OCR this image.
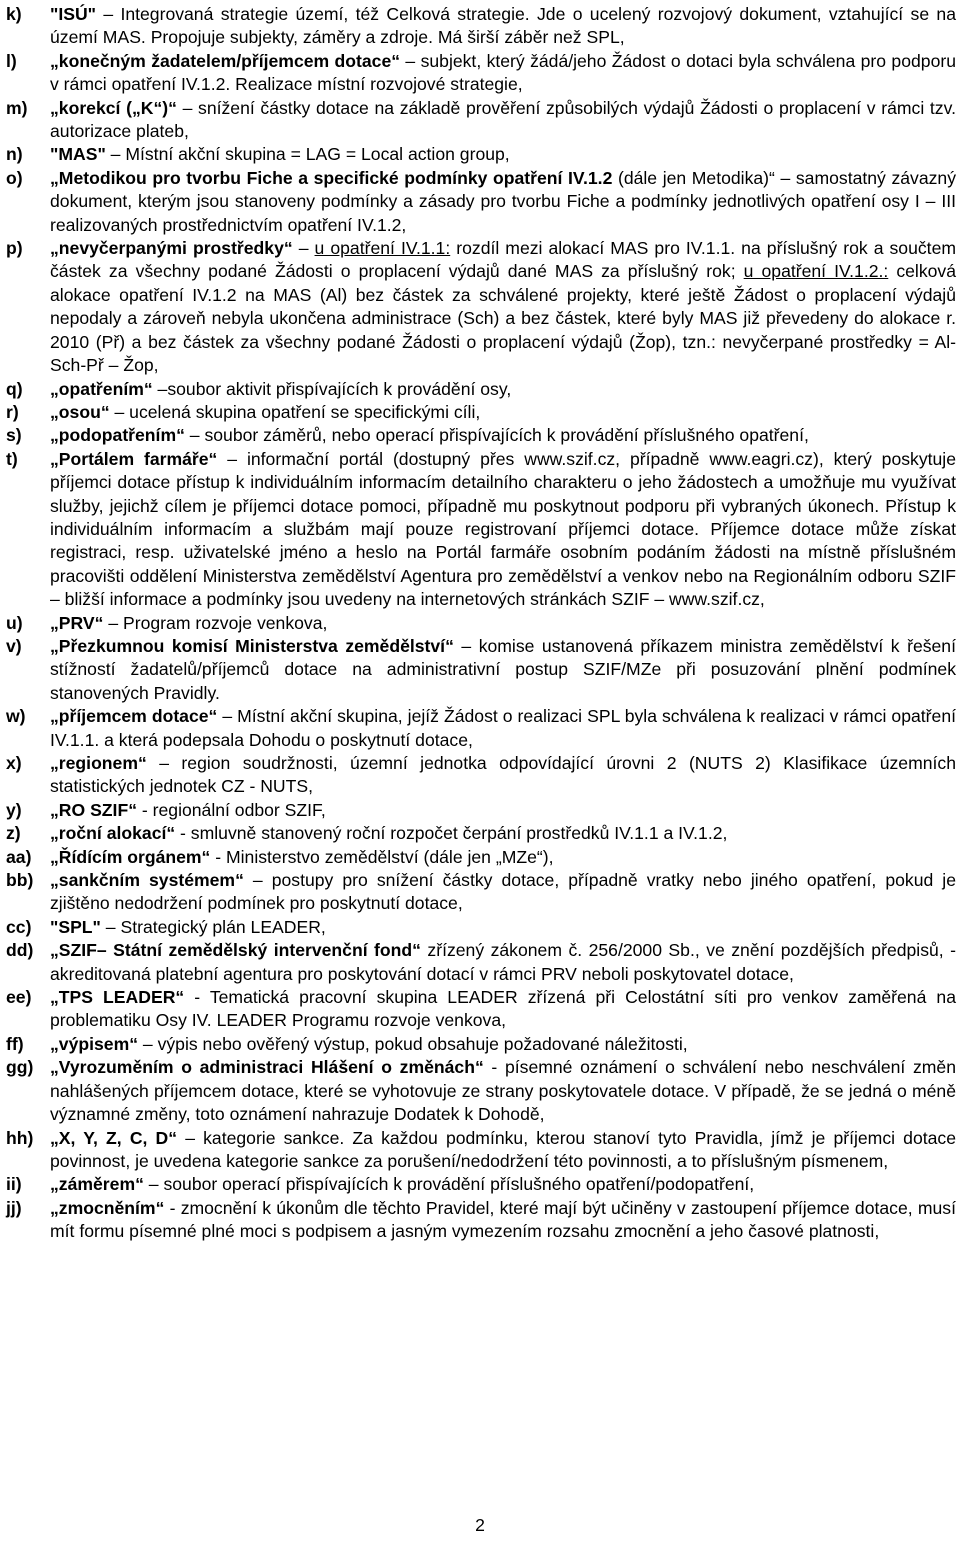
k)	"ISÚ" – Integrovaná strategie území, též Celková strategie. Jde o ucelený rozvojový dokument, vztahující se na území MAS. Propojuje subjekty, záměry a zdroje. Má širší záběr než SPL,
l)	„konečným žadatelem/příjemcem dotace“ – subjekt, který žádá/jeho Žádost o dotaci byla schválena pro podporu v rámci opatření IV.1.2. Realizace místní rozvojové strategie,
m)	„korekcí („K“)“ – snížení částky dotace na základě prověření způsobilých výdajů Žádosti o proplacení v rámci tzv. autorizace plateb,
n)	"MAS" – Místní akční skupina = LAG = Local action group,
o)	„Metodikou pro tvorbu Fiche a specifické podmínky opatření IV.1.2 (dále jen Metodika)“ – samostatný závazný dokument, kterým jsou stanoveny podmínky a zásady pro tvorbu Fiche a podmínky jednotlivých opatření osy I – III realizovaných prostřednictvím opatření IV.1.2,
p)	„nevyčerpanými prostředky“ – u opatření IV.1.1: rozdíl mezi alokací MAS pro IV.1.1. na příslušný rok a součtem částek za všechny podané Žádosti o proplacení výdajů dané MAS za příslušný rok; u opatření IV.1.2.: celková alokace opatření IV.1.2 na MAS (Al) bez částek za schválené projekty, které ještě Žádost o proplacení výdajů nepodaly a zároveň nebyla ukončena administrace (Sch) a bez částek, které byly MAS již převedeny do alokace r. 2010 (Př) a bez částek za všechny podané Žádosti o proplacení výdajů (Žop), tzn.: nevyčerpané prostředky = Al- Sch-Př – Žop,
q)	„opatřením“ –soubor aktivit přispívajících k provádění osy,
r)	„osou“ – ucelená skupina opatření se specifickými cíli,
s)	„podopatřením“ – soubor záměrů, nebo operací přispívajících k provádění příslušného opatření,
t)	„Portálem farmáře“ – informační portál (dostupný přes www.szif.cz, případně www.eagri.cz), který poskytuje příjemci dotace přístup k individuálním informacím detailního charakteru o jeho žádostech a umožňuje mu využívat služby, jejichž cílem je příjemci dotace pomoci, případně mu poskytnout podporu při vybraných úkonech. Přístup k individuálním informacím a službám mají pouze registrovaní příjemci dotace. Příjemce dotace může získat registraci, resp. uživatelské jméno a heslo na Portál farmáře osobním podáním žádosti na místně příslušném pracovišti oddělení Ministerstva zemědělství Agentura pro zemědělství a venkov nebo na Regionálním odboru SZIF – bližší informace a podmínky jsou uvedeny na internetových stránkách SZIF – www.szif.cz,
u)	„PRV“ – Program rozvoje venkova,
v)	„Přezkumnou komisí Ministerstva zemědělství“ – komise ustanovená příkazem ministra zemědělství k řešení stížností žadatelů/příjemců dotace na administrativní postup SZIF/MZe při posuzování plnění podmínek stanovených Pravidly.
w)	„příjemcem dotace“ – Místní akční skupina, jejíž Žádost o realizaci SPL byla schválena k realizaci v rámci opatření IV.1.1. a která podepsala Dohodu o poskytnutí dotace,
x)	„regionem“ – region soudržnosti, územní jednotka odpovídající úrovni 2 (NUTS 2) Klasifikace územních statistických jednotek CZ - NUTS,
y)	„RO SZIF“ - regionální odbor SZIF,
z)	„roční alokací“ - smluvně stanovený roční rozpočet čerpání prostředků IV.1.1 a IV.1.2,
aa)	„Řídícím orgánem“ - Ministerstvo zemědělství (dále jen „MZe“),
bb) „sankčním systémem“ – postupy pro snížení částky dotace, případně vratky nebo jiného opatření, pokud je zjištěno nedodržení podmínek pro poskytnutí dotace,
cc)	"SPL" – Strategický plán LEADER,
dd) „SZIF– Státní zemědělský intervenční fond“ zřízený zákonem č. 256/2000 Sb., ve znění pozdějších předpisů, - akreditovaná platební agentura pro poskytování dotací v rámci PRV neboli poskytovatel dotace,
ee)	„TPS LEADER“ - Tematická pracovní skupina LEADER zřízená při Celostátní síti pro venkov zaměřená na problematiku Osy IV. LEADER Programu rozvoje venkova,
ff)	„výpisem“ – výpis nebo ověřený výstup, pokud obsahuje požadované náležitosti,
gg) „Vyrozuměním o administraci Hlášení o změnách“ - písemné oznámení o schválení nebo neschválení změn nahlášených příjemcem dotace, které se vyhotovuje ze strany poskytovatele dotace. V případě, že se jedná o méně významné změny, toto oznámení nahrazuje Dodatek k Dohodě,
hh) „X, Y, Z, C, D“ – kategorie sankce. Za každou podmínku, kterou stanoví tyto Pravidla, jímž je příjemci dotace povinnost, je uvedena kategorie sankce za porušení/nedodržení této povinnosti, a to příslušným písmenem,
ii)	„záměrem“ – soubor operací přispívajících k provádění příslušného opatření/podopatření,
jj)	„zmocněním“ - zmocnění k úkonům dle těchto Pravidel, které mají být učiněny v zastoupení příjemce dotace, musí mít formu písemné plné moci s podpisem a jasným vymezením rozsahu zmocnění a jeho časové platnosti,
2
